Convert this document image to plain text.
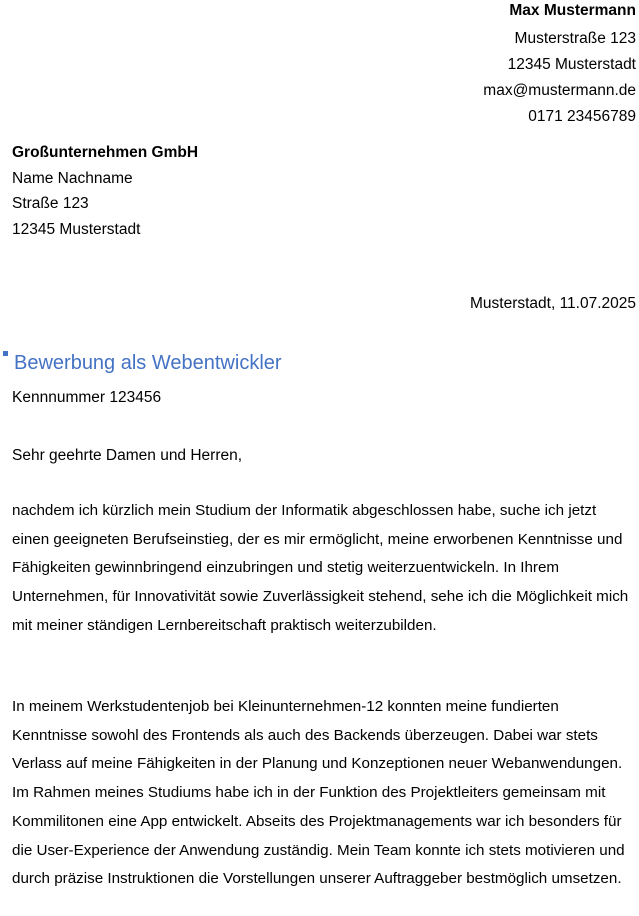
Max Mustermann
Musterstraße 123
12345 Musterstadt
max@mustermann.de
0171 23456789
Großunternehmen GmbH
Name Nachname
Straße 123
12345 Musterstadt
Musterstadt, 11.07.2025
Bewerbung als Webentwickler
Kennnummer 123456
Sehr geehrte Damen und Herren,

nachdem ich kürzlich mein Studium der Informatik abgeschlossen habe, suche ich jetzt einen geeigneten Berufseinstieg, der es mir ermöglicht, meine erworbenen Kenntnisse und Fähigkeiten gewinnbringend einzubringen und stetig weiterzuentwickeln. In Ihrem Unternehmen, für Innovativität sowie Zuverlässigkeit stehend, sehe ich die Möglichkeit mich mit meiner ständigen Lernbereitschaft praktisch weiterzubilden.

In meinem Werkstudentenjob bei Kleinunternehmen-12 konnten meine fundierten Kenntnisse sowohl des Frontends als auch des Backends überzeugen. Dabei war stets Verlass auf meine Fähigkeiten in der Planung und Konzeptionen neuer Webanwendungen. Im Rahmen meines Studiums habe ich in der Funktion des Projektleiters gemeinsam mit Kommilitonen eine App entwickelt. Abseits des Projektmanagements war ich besonders für die User-Experience der Anwendung zuständig. Mein Team konnte ich stets motivieren und durch präzise Instruktionen die Vorstellungen unserer Auftraggeber bestmöglich umsetzen.
